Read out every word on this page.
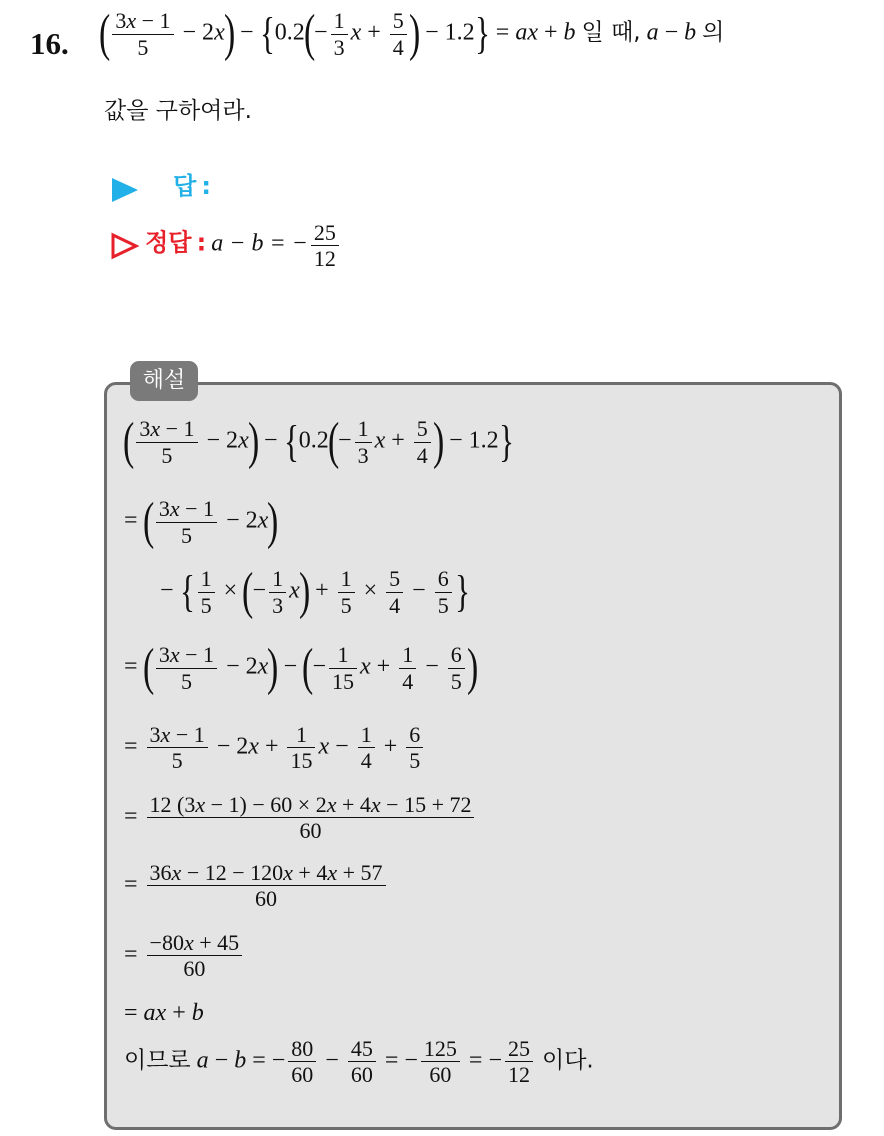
16. ( $\frac{3x - 1}{5} - 2x) - \{0.2(- \frac{1}{3}$ $x + \frac{5}{4}$ ) − 1.2} = ax + b 일 때, a − b 의
값을 구하여라.
답 :
정답 : a − b = − $\frac{25}{12}$
해설
( $\frac{3x - 1}{5} - 2x) - \{0.2(- \frac{1}{3}$ $x + \frac{5}{4}$ ) − 1.2}
= ( $\frac{3x - 1}{5} - 2x$)
− { $\frac{1}{5}$ × (− $\frac{1}{3} x) + \frac{1}{5} \times \frac{5}{4} - \frac{6}{5}$ }
= ( $\frac{3x - 1}{5} - 2x$) − (− $\frac{1}{15}$ $x + \frac{1}{4} - \frac{6}{5}$ )
= $\frac{3x - 1}{5} - 2x + \frac{1}{15}$ $x - \frac{1}{4} + \frac{6}{5}$
= $\frac{12 (3x - 1) - 60 \times 2x + 4x - 15 + 72}{60}$
= $\frac{36x - 12 - 120x + 4x + 57}{60}$
= $\frac{-80x + 45}{60}$
= ax + b
이므로 a − b = − $\frac{80}{60} - \frac{45}{60}$ = − $\frac{125}{60}$ = − $\frac{25}{12}$ 이다.
